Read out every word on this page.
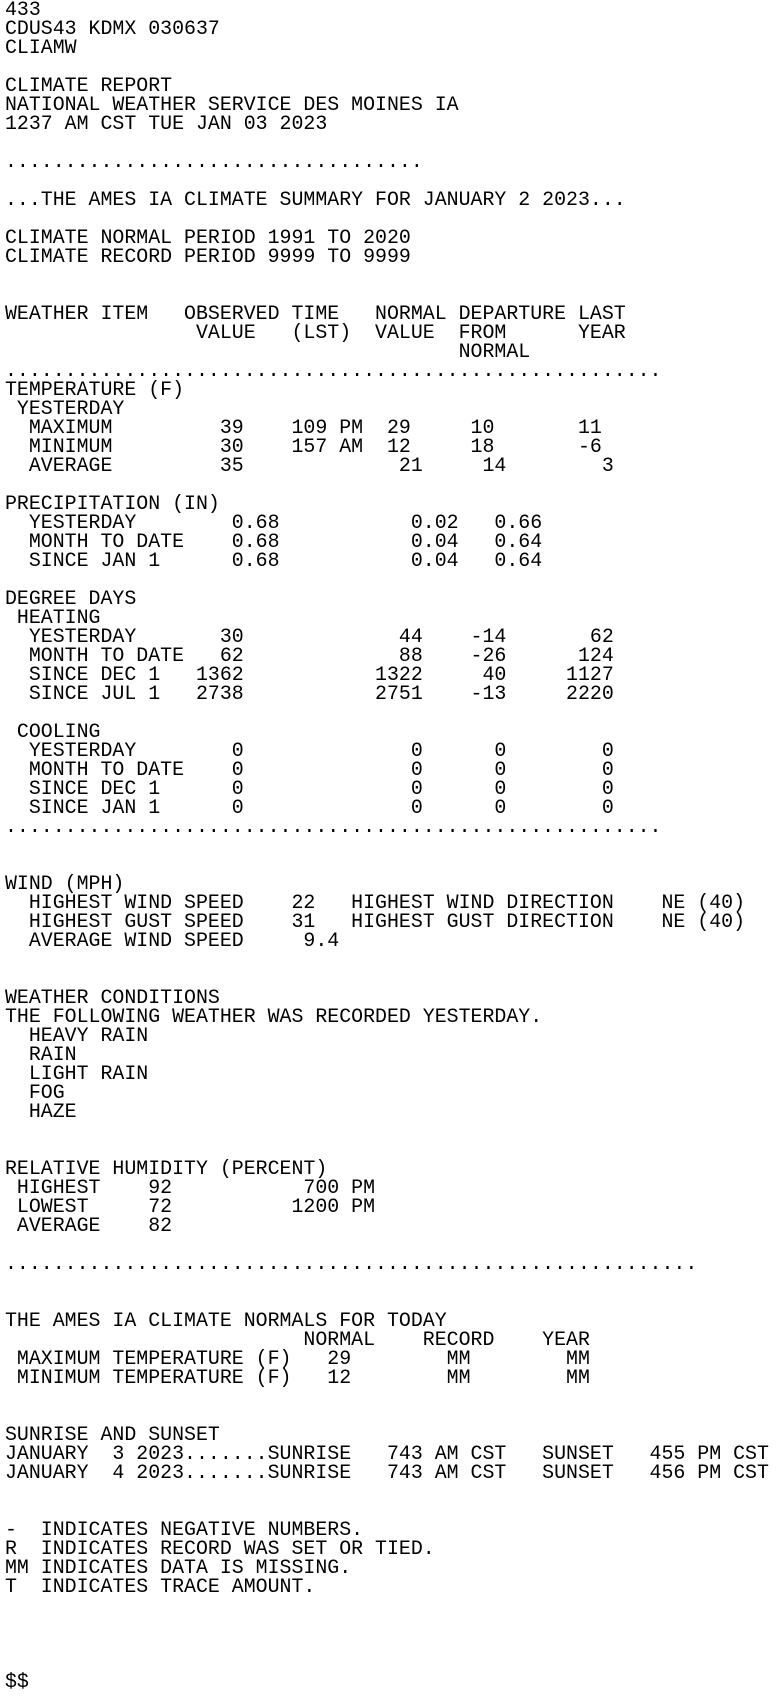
433
CDUS43 KDMX 030637
CLIAMW
CLIMATE REPORT
NATIONAL WEATHER SERVICE DES MOINES IA
1237 AM CST TUE JAN 03 2023
...................................
...THE AMES IA CLIMATE SUMMARY FOR JANUARY 2 2023...
CLIMATE NORMAL PERIOD 1991 TO 2020
CLIMATE RECORD PERIOD 9999 TO 9999
WEATHER ITEM   OBSERVED TIME   NORMAL DEPARTURE LAST
VALUE   (LST)  VALUE  FROM      YEAR
NORMAL
.......................................................
TEMPERATURE (F)
YESTERDAY
MAXIMUM         39    109 PM  29     10       11
MINIMUM         30    157 AM  12     18       -6
AVERAGE         35             21     14        3
PRECIPITATION (IN)
YESTERDAY        0.68           0.02   0.66
MONTH TO DATE    0.68           0.04   0.64
SINCE JAN 1      0.68           0.04   0.64
DEGREE DAYS
HEATING
YESTERDAY       30             44    -14       62
MONTH TO DATE   62             88    -26      124
SINCE DEC 1   1362           1322     40     1127
SINCE JUL 1   2738           2751    -13     2220
COOLING
YESTERDAY        0              0      0        0
MONTH TO DATE    0              0      0        0
SINCE DEC 1      0              0      0        0
SINCE JAN 1      0              0      0        0
.......................................................
WIND (MPH)
HIGHEST WIND SPEED    22   HIGHEST WIND DIRECTION    NE (40)
HIGHEST GUST SPEED    31   HIGHEST GUST DIRECTION    NE (40)
AVERAGE WIND SPEED     9.4
WEATHER CONDITIONS
THE FOLLOWING WEATHER WAS RECORDED YESTERDAY.
HEAVY RAIN
RAIN
LIGHT RAIN
FOG
HAZE
RELATIVE HUMIDITY (PERCENT)
HIGHEST    92           700 PM
LOWEST     72          1200 PM
AVERAGE    82
..........................................................
THE AMES IA CLIMATE NORMALS FOR TODAY
NORMAL    RECORD    YEAR
MAXIMUM TEMPERATURE (F)   29        MM        MM
MINIMUM TEMPERATURE (F)   12        MM        MM
SUNRISE AND SUNSET
JANUARY  3 2023.......SUNRISE   743 AM CST   SUNSET   455 PM CST
JANUARY  4 2023.......SUNRISE   743 AM CST   SUNSET   456 PM CST
-  INDICATES NEGATIVE NUMBERS.
R  INDICATES RECORD WAS SET OR TIED.
MM INDICATES DATA IS MISSING.
T  INDICATES TRACE AMOUNT.
$$
